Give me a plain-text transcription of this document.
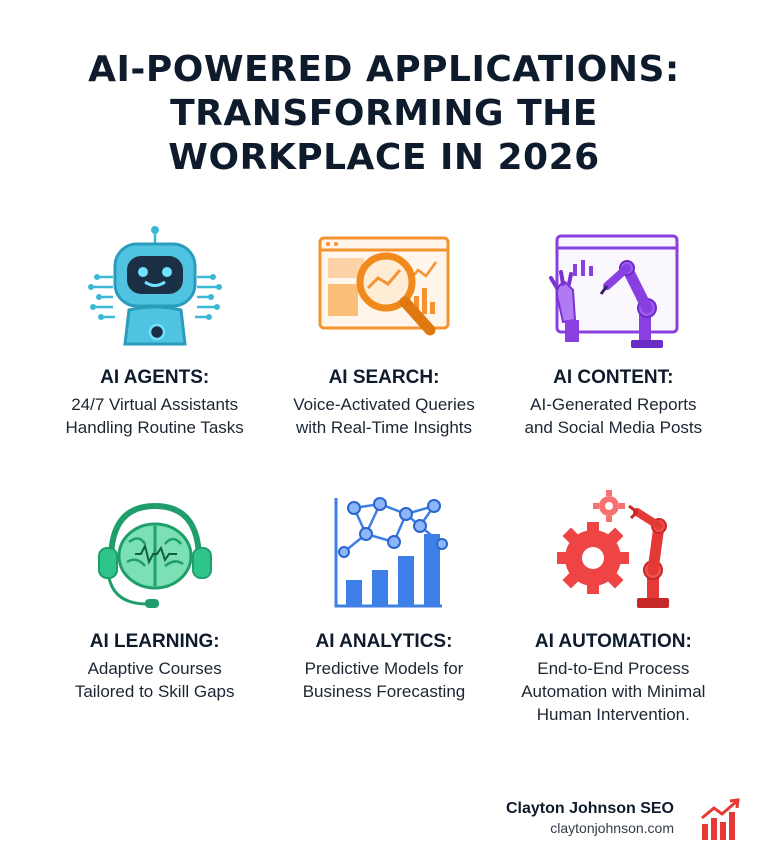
AI-POWERED APPLICATIONS:
TRANSFORMING THE
WORKPLACE IN 2026
AI AGENTS:

24/7 Virtual Assistants
Handling Routine Tasks

AI SEARCH:

Voice-Activated Queries
with Real-Time Insights

AI CONTENT:

AI-Generated Reports
and Social Media Posts

AI LEARNING:

Adaptive Courses
Tailored to Skill Gaps

AI ANALYTICS:

Predictive Models for
Business Forecasting

AI AUTOMATION:

End-to-End Process
Automation with Minimal
Human Intervention.

Clayton Johnson SEO
claytonjohnson.com
